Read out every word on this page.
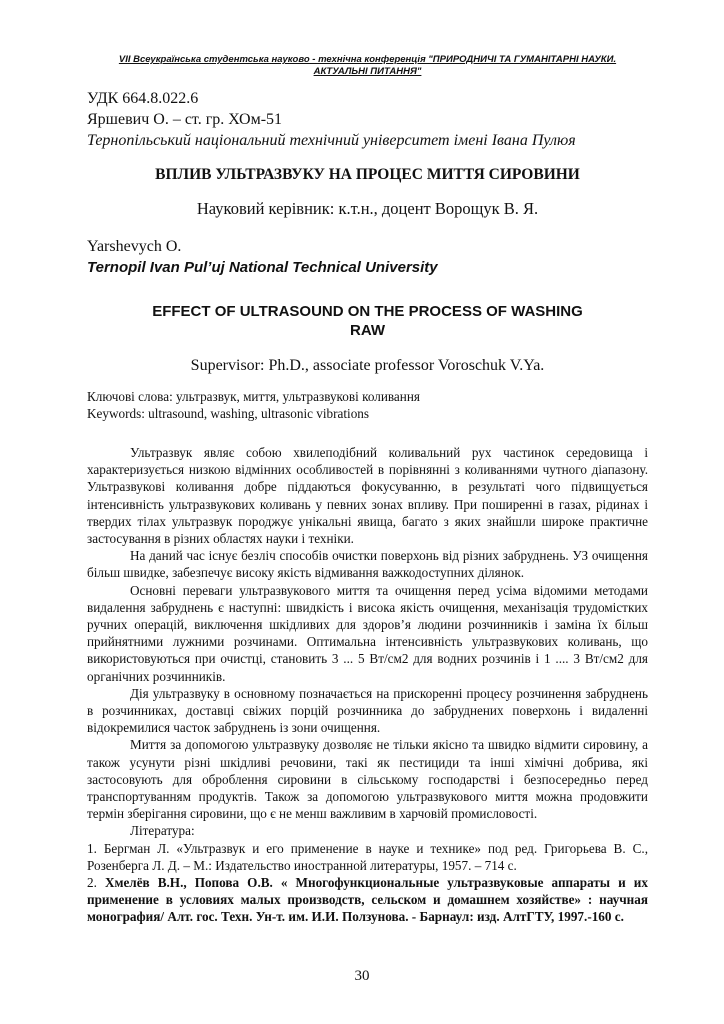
VII Всеукраїнська студентська науково - технічна конференція "ПРИРОДНИЧІ ТА ГУМАНІТАРНІ НАУКИ.
АКТУАЛЬНІ ПИТАННЯ"
УДК 664.8.022.6
Яршевич О. – ст. гр. ХОм-51
Тернопільський національний технічний університет імені Івана Пулюя
ВПЛИВ УЛЬТРАЗВУКУ НА ПРОЦЕС МИТТЯ СИРОВИНИ
Науковий керівник: к.т.н., доцент Ворощук В. Я.
Yarshevych O.
Ternopil Ivan Pul’uj National Technical University
EFFECT OF ULTRASOUND ON THE PROCESS OF WASHING
RAW
Supervisor: Ph.D., associate professor Voroschuk V.Ya.
Ключові слова: ультразвук, миття, ультразвукові коливання
Keywords: ultrasound, washing, ultrasonic vibrations

Ультразвук являє собою хвилеподібний коливальний рух частинок середовища і характеризується низкою відмінних особливостей в порівнянні з коливаннями чутного діапазону. Ультразвукові коливання добре піддаються фокусуванню, в результаті чого підвищується інтенсивність ультразвукових коливань у певних зонах впливу. При поширенні в газах, рідинах і твердих тілах ультразвук породжує унікальні явища, багато з яких знайшли широке практичне застосування в різних областях науки і техніки.

На даний час існує безліч способів очистки поверхонь від різних забруднень. УЗ очищення більш швидке, забезпечує високу якість відмивання важкодоступних ділянок.

Основні переваги ультразвукового миття та очищення перед усіма відомими методами видалення забруднень є наступні: швидкість і висока якість очищення, механізація трудомістких ручних операцій, виключення шкідливих для здоров’я людини розчинників і заміна їх більш прийнятними лужними розчинами. Оптимальна інтенсивність ультразвукових коливань, що використовуються при очистці, становить 3 ... 5 Вт/см2 для водних розчинів і 1 .... 3 Вт/см2 для органічних розчинників.

Дія ультразвуку в основному позначається на прискоренні процесу розчинення забруднень в розчинниках, доставці свіжих порцій розчинника до забруднених поверхонь і видаленні відокремилися часток забруднень із зони очищення.

Миття за допомогою ультразвуку дозволяє не тільки якісно та швидко відмити сировину, а також усунути різні шкідливі речовини, такі як пестициди та інші хімічні добрива, які застосовують для оброблення сировини в сільському господарстві і безпосередньо перед транспортуванням продуктів. Також за допомогою ультразвукового миття можна продовжити термін зберігання сировини, що є не менш важливим в харчовій промисловості.

Література:

1. Бергман Л. «Ультразвук и его применение в науке и технике» под ред. Григорьева В. С., Розенберга Л. Д. – М.: Издательство иностранной литературы, 1957. – 714 с.

2. Хмелёв В.Н., Попова О.В. « Многофункциональные ультразвуковые аппараты и их применение в условиях малых производств, сельском и домашнем хозяйстве» : научная монография/ Алт. гос. Техн. Ун-т. им. И.И. Ползунова. - Барнаул: изд. АлтГТУ, 1997.-160 с.

30
